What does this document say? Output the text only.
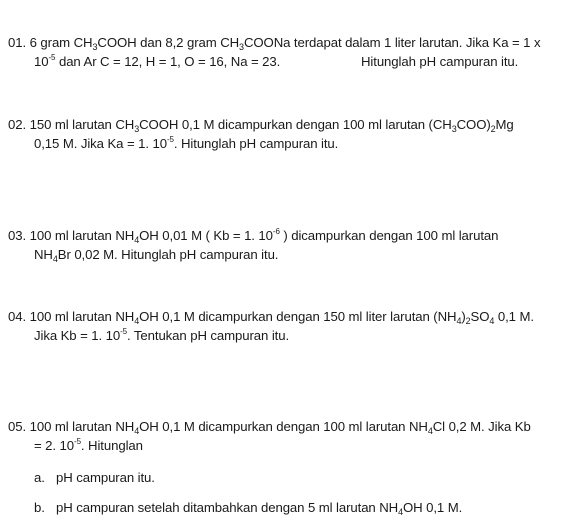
01. 6 gram $CH_3COOH$ dan 8,2 gram $CH_3COONa$ terdapat dalam 1 liter larutan. Jika Ka = 1 x
$10^{-5}$ dan Ar C = 12, H = 1, O = 16, Na = 23.	Hitunglah pH campuran itu.
02. 150 ml larutan $CH_3COOH$ 0,1 M dicampurkan dengan 100 ml larutan $(CH_3COO)_2Mg$
0,15 M. Jika Ka = 1. $10^{-5}$. Hitunglah pH campuran itu.
03. 100 ml larutan $NH_4OH$ 0,01 M ( Kb = 1. $10^{-6}$ ) dicampurkan dengan 100 ml larutan
$NH_4Br$ 0,02 M. Hitunglah pH campuran itu.
04. 100 ml larutan $NH_4OH$ 0,1 M dicampurkan dengan 150 ml liter larutan $(NH_4)_2SO_4$ 0,1 M.
Jika Kb = 1. $10^{-5}$. Tentukan pH campuran itu.
05. 100 ml larutan $NH_4OH$ 0,1 M dicampurkan dengan 100 ml larutan $NH_4Cl$ 0,2 M. Jika Kb
= 2. $10^{-5}$. Hitunglan
a. pH campuran itu.
b. pH campuran setelah ditambahkan dengan 5 ml larutan $NH_4OH$ 0,1 M.
